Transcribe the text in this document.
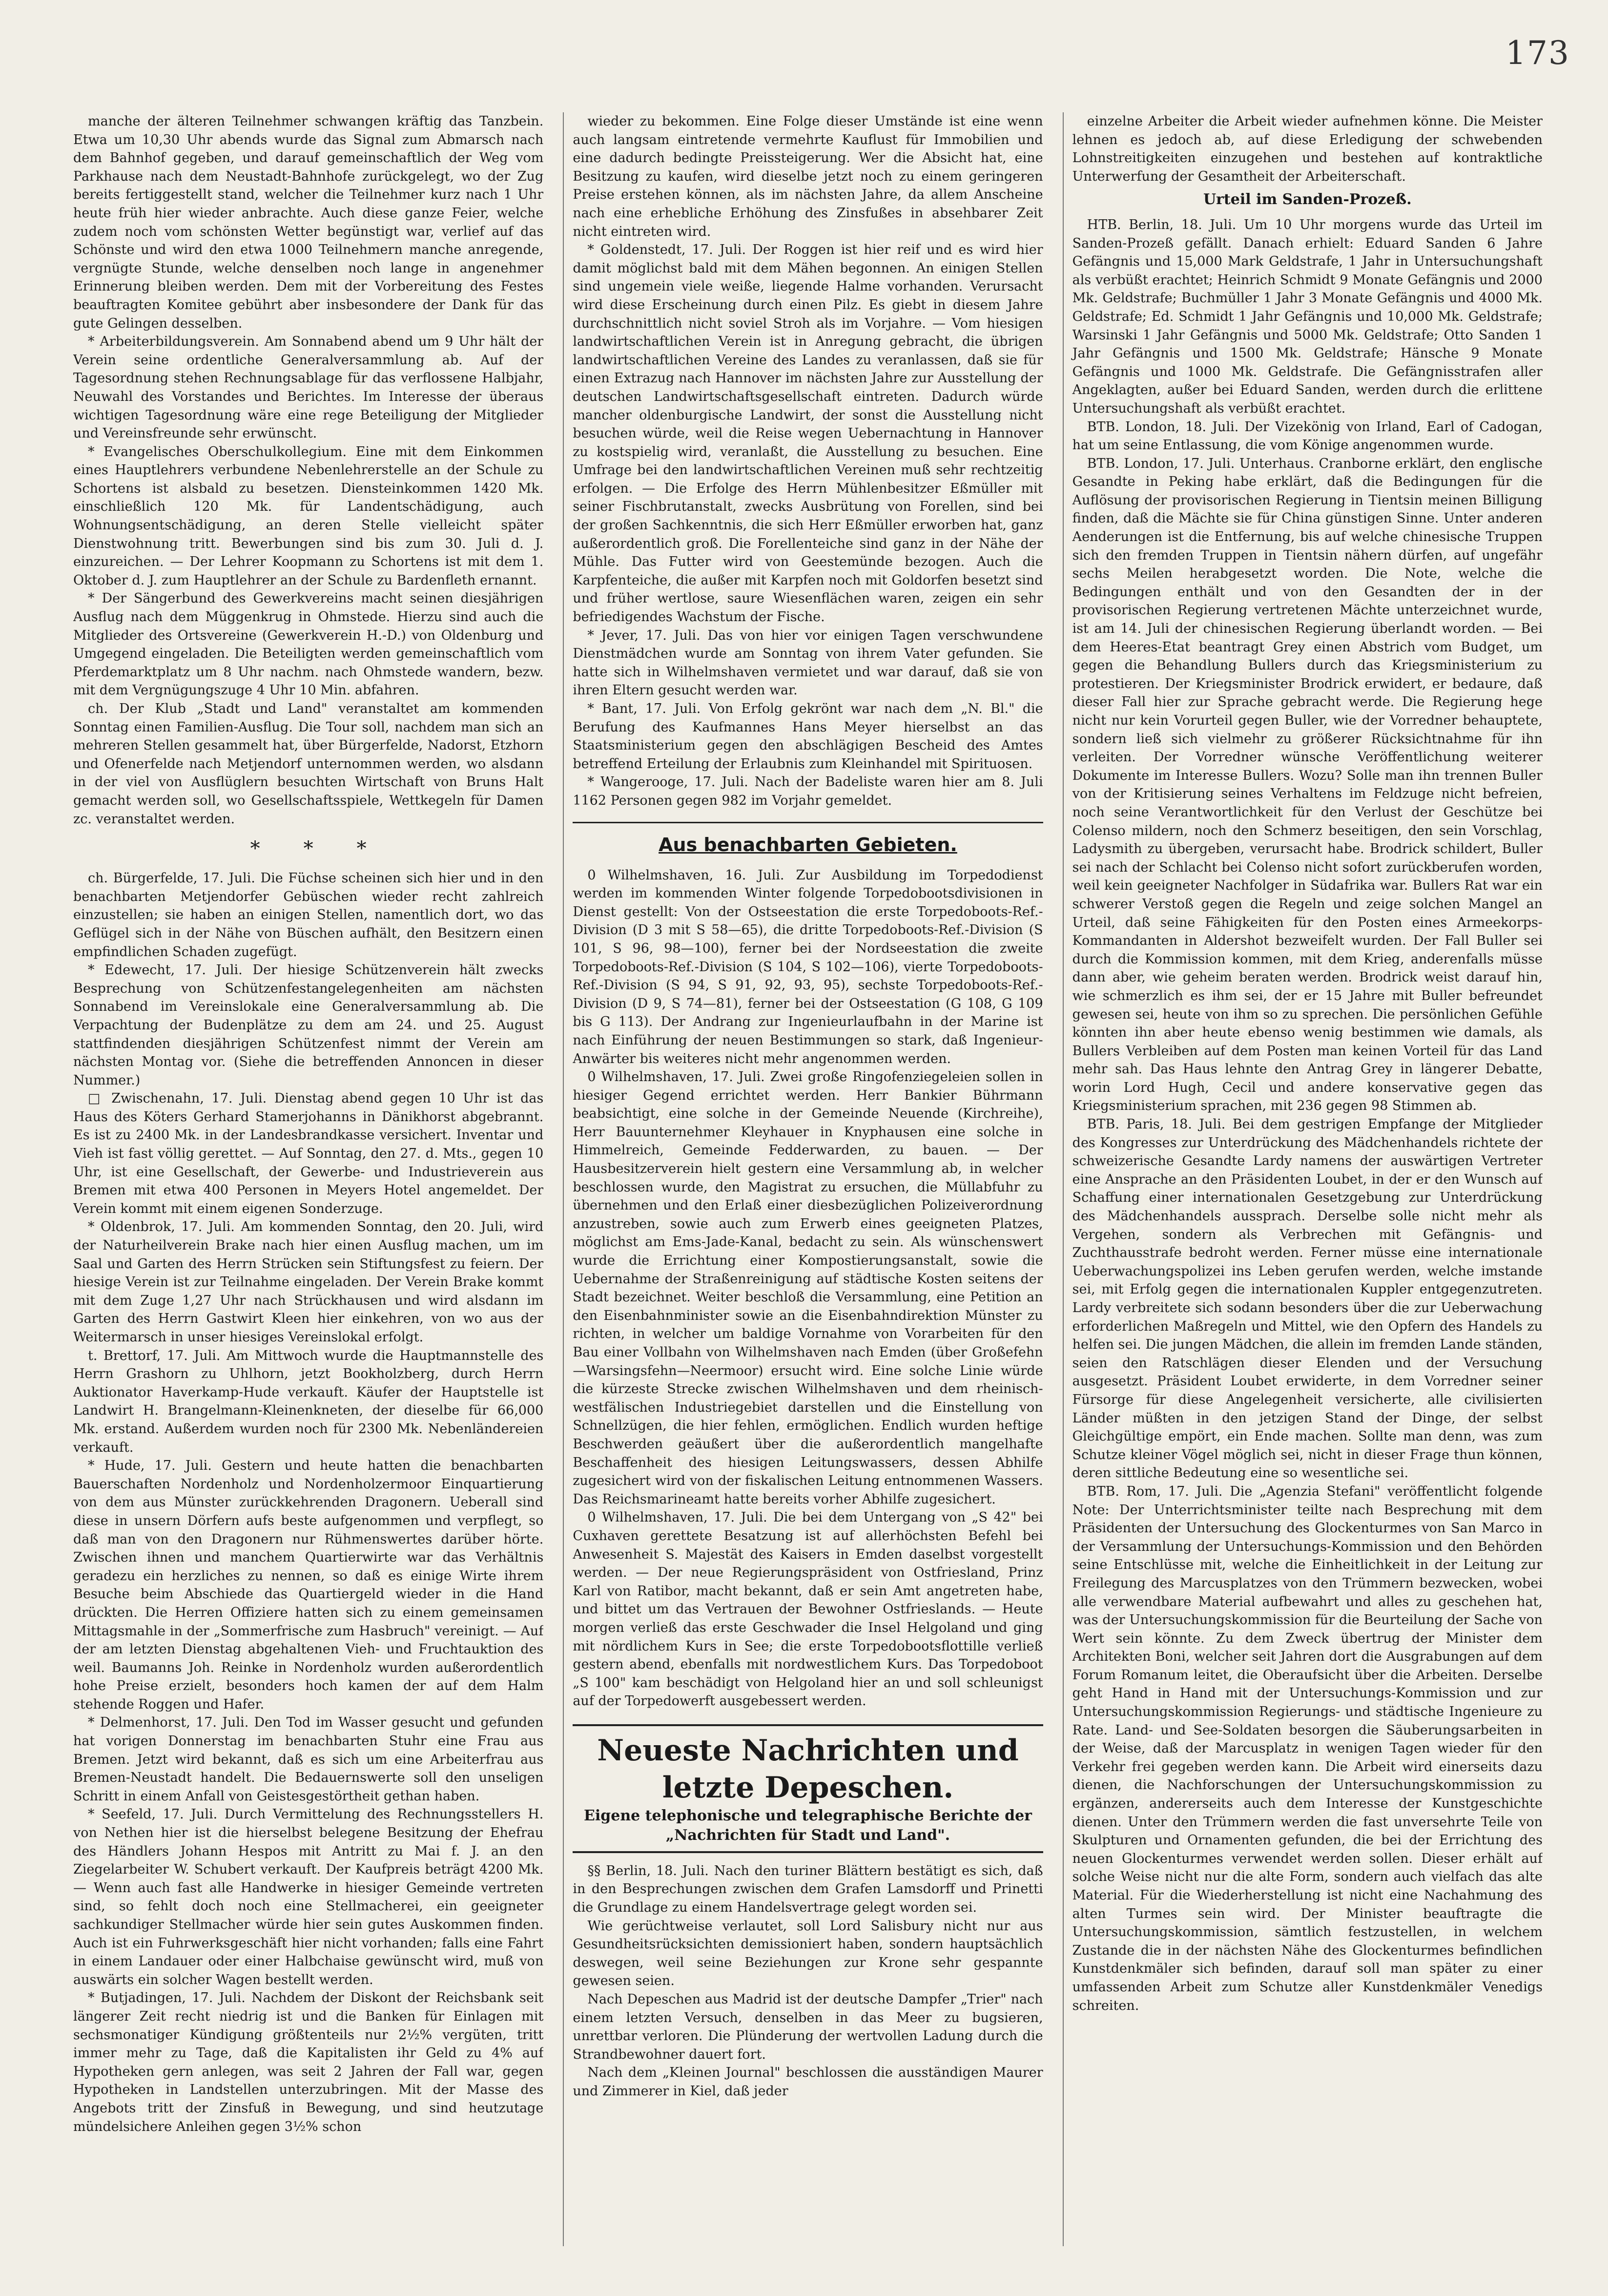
173

manche der älteren Teilnehmer schwangen kräftig das Tanzbein. Etwa um 10,30 Uhr abends wurde das Signal zum Abmarsch nach dem Bahnhof gegeben, und darauf gemeinschaftlich der Weg vom Parkhause nach dem Neustadt-Bahnhofe zurückgelegt, wo der Zug bereits fertiggestellt stand, welcher die Teilnehmer kurz nach 1 Uhr heute früh hier wieder anbrachte. Auch diese ganze Feier, welche zudem noch vom schönsten Wetter begünstigt war, verlief auf das Schönste und wird den etwa 1000 Teilnehmern manche anregende, vergnügte Stunde, welche denselben noch lange in angenehmer Erinnerung bleiben werden. Dem mit der Vorbereitung des Festes beauftragten Komitee gebührt aber insbesondere der Dank für das gute Gelingen desselben.

* Arbeiterbildungsverein. Am Sonnabend abend um 9 Uhr hält der Verein seine ordentliche Generalversammlung ab. Auf der Tagesordnung stehen Rechnungsablage für das verflossene Halbjahr, Neuwahl des Vorstandes und Berichtes. Im Interesse der überaus wichtigen Tagesordnung wäre eine rege Beteiligung der Mitglieder und Vereinsfreunde sehr erwünscht.

* Evangelisches Oberschulkollegium. Eine mit dem Einkommen eines Hauptlehrers verbundene Nebenlehrerstelle an der Schule zu Schortens ist alsbald zu besetzen. Diensteinkommen 1420 Mk. einschließlich 120 Mk. für Landentschädigung, auch Wohnungsentschädigung, an deren Stelle vielleicht später Dienstwohnung tritt. Bewerbungen sind bis zum 30. Juli d. J. einzureichen. — Der Lehrer Koopmann zu Schortens ist mit dem 1. Oktober d. J. zum Hauptlehrer an der Schule zu Bardenfleth ernannt.

* Der Sängerbund des Gewerkvereins macht seinen diesjährigen Ausflug nach dem Müggenkrug in Ohmstede. Hierzu sind auch die Mitglieder des Ortsvereine (Gewerkverein H.-D.) von Oldenburg und Umgegend eingeladen. Die Beteiligten werden gemeinschaftlich vom Pferdemarktplatz um 8 Uhr nachm. nach Ohmstede wandern, bezw. mit dem Vergnügungszuge 4 Uhr 10 Min. abfahren.

ch. Der Klub „Stadt und Land" veranstaltet am kommenden Sonntag einen Familien-Ausflug. Die Tour soll, nachdem man sich an mehreren Stellen gesammelt hat, über Bürgerfelde, Nadorst, Etzhorn und Ofenerfelde nach Metjendorf unternommen werden, wo alsdann in der viel von Ausflüglern besuchten Wirtschaft von Bruns Halt gemacht werden soll, wo Gesellschaftsspiele, Wettkegeln für Damen zc. veranstaltet werden.

*       *       *

ch. Bürgerfelde, 17. Juli. Die Füchse scheinen sich hier und in den benachbarten Metjendorfer Gebüschen wieder recht zahlreich einzustellen; sie haben an einigen Stellen, namentlich dort, wo das Geflügel sich in der Nähe von Büschen aufhält, den Besitzern einen empfindlichen Schaden zugefügt.

* Edewecht, 17. Juli. Der hiesige Schützenverein hält zwecks Besprechung von Schützenfestangelegenheiten am nächsten Sonnabend im Vereinslokale eine Generalversammlung ab. Die Verpachtung der Budenplätze zu dem am 24. und 25. August stattfindenden diesjährigen Schützenfest nimmt der Verein am nächsten Montag vor. (Siehe die betreffenden Annoncen in dieser Nummer.)

□ Zwischenahn, 17. Juli. Dienstag abend gegen 10 Uhr ist das Haus des Köters Gerhard Stamerjohanns in Dänikhorst abgebrannt. Es ist zu 2400 Mk. in der Landesbrandkasse versichert. Inventar und Vieh ist fast völlig gerettet. — Auf Sonntag, den 27. d. Mts., gegen 10 Uhr, ist eine Gesellschaft, der Gewerbe- und Industrieverein aus Bremen mit etwa 400 Personen in Meyers Hotel angemeldet. Der Verein kommt mit einem eigenen Sonderzuge.

* Oldenbrok, 17. Juli. Am kommenden Sonntag, den 20. Juli, wird der Naturheilverein Brake nach hier einen Ausflug machen, um im Saal und Garten des Herrn Strücken sein Stiftungsfest zu feiern. Der hiesige Verein ist zur Teilnahme eingeladen. Der Verein Brake kommt mit dem Zuge 1,27 Uhr nach Strückhausen und wird alsdann im Garten des Herrn Gastwirt Kleen hier einkehren, von wo aus der Weitermarsch in unser hiesiges Vereinslokal erfolgt.

t. Brettorf, 17. Juli. Am Mittwoch wurde die Hauptmannstelle des Herrn Grashorn zu Uhlhorn, jetzt Bookholzberg, durch Herrn Auktionator Haverkamp-Hude verkauft. Käufer der Hauptstelle ist Landwirt H. Brangelmann-Kleinenkneten, der dieselbe für 66,000 Mk. erstand. Außerdem wurden noch für 2300 Mk. Nebenländereien verkauft.

* Hude, 17. Juli. Gestern und heute hatten die benachbarten Bauerschaften Nordenholz und Nordenholzermoor Einquartierung von dem aus Münster zurückkehrenden Dragonern. Ueberall sind diese in unsern Dörfern aufs beste aufgenommen und verpflegt, so daß man von den Dragonern nur Rühmenswertes darüber hörte. Zwischen ihnen und manchem Quartierwirte war das Verhältnis geradezu ein herzliches zu nennen, so daß es einige Wirte ihrem Besuche beim Abschiede das Quartiergeld wieder in die Hand drückten. Die Herren Offiziere hatten sich zu einem gemeinsamen Mittagsmahle in der „Sommerfrische zum Hasbruch" vereinigt. — Auf der am letzten Dienstag abgehaltenen Vieh- und Fruchtauktion des weil. Baumanns Joh. Reinke in Nordenholz wurden außerordentlich hohe Preise erzielt, besonders hoch kamen der auf dem Halm stehende Roggen und Hafer.

* Delmenhorst, 17. Juli. Den Tod im Wasser gesucht und gefunden hat vorigen Donnerstag im benachbarten Stuhr eine Frau aus Bremen. Jetzt wird bekannt, daß es sich um eine Arbeiterfrau aus Bremen-Neustadt handelt. Die Bedauernswerte soll den unseligen Schritt in einem Anfall von Geistesgestörtheit gethan haben.

* Seefeld, 17. Juli. Durch Vermittelung des Rechnungsstellers H. von Nethen hier ist die hierselbst belegene Besitzung der Ehefrau des Händlers Johann Hespos mit Antritt zu Mai f. J. an den Ziegelarbeiter W. Schubert verkauft. Der Kaufpreis beträgt 4200 Mk. — Wenn auch fast alle Handwerke in hiesiger Gemeinde vertreten sind, so fehlt doch noch eine Stellmacherei, ein geeigneter sachkundiger Stellmacher würde hier sein gutes Auskommen finden. Auch ist ein Fuhrwerksgeschäft hier nicht vorhanden; falls eine Fahrt in einem Landauer oder einer Halbchaise gewünscht wird, muß von auswärts ein solcher Wagen bestellt werden.

* Butjadingen, 17. Juli. Nachdem der Diskont der Reichsbank seit längerer Zeit recht niedrig ist und die Banken für Einlagen mit sechsmonatiger Kündigung größtenteils nur 2½% vergüten, tritt immer mehr zu Tage, daß die Kapitalisten ihr Geld zu 4% auf Hypotheken gern anlegen, was seit 2 Jahren der Fall war, gegen Hypotheken in Landstellen unterzubringen. Mit der Masse des Angebots tritt der Zinsfuß in Bewegung, und sind heutzutage mündelsichere Anleihen gegen 3½% schon

wieder zu bekommen. Eine Folge dieser Umstände ist eine wenn auch langsam eintretende vermehrte Kauflust für Immobilien und eine dadurch bedingte Preissteigerung. Wer die Absicht hat, eine Besitzung zu kaufen, wird dieselbe jetzt noch zu einem geringeren Preise erstehen können, als im nächsten Jahre, da allem Anscheine nach eine erhebliche Erhöhung des Zinsfußes in absehbarer Zeit nicht eintreten wird.

* Goldenstedt, 17. Juli. Der Roggen ist hier reif und es wird hier damit möglichst bald mit dem Mähen begonnen. An einigen Stellen sind ungemein viele weiße, liegende Halme vorhanden. Verursacht wird diese Erscheinung durch einen Pilz. Es giebt in diesem Jahre durchschnittlich nicht soviel Stroh als im Vorjahre. — Vom hiesigen landwirtschaftlichen Verein ist in Anregung gebracht, die übrigen landwirtschaftlichen Vereine des Landes zu veranlassen, daß sie für einen Extrazug nach Hannover im nächsten Jahre zur Ausstellung der deutschen Landwirtschaftsgesellschaft eintreten. Dadurch würde mancher oldenburgische Landwirt, der sonst die Ausstellung nicht besuchen würde, weil die Reise wegen Uebernachtung in Hannover zu kostspielig wird, veranlaßt, die Ausstellung zu besuchen. Eine Umfrage bei den landwirtschaftlichen Vereinen muß sehr rechtzeitig erfolgen. — Die Erfolge des Herrn Mühlenbesitzer Eßmüller mit seiner Fischbrutanstalt, zwecks Ausbrütung von Forellen, sind bei der großen Sachkenntnis, die sich Herr Eßmüller erworben hat, ganz außerordentlich groß. Die Forellenteiche sind ganz in der Nähe der Mühle. Das Futter wird von Geestemünde bezogen. Auch die Karpfenteiche, die außer mit Karpfen noch mit Goldorfen besetzt sind und früher wertlose, saure Wiesenflächen waren, zeigen ein sehr befriedigendes Wachstum der Fische.

* Jever, 17. Juli. Das von hier vor einigen Tagen verschwundene Dienstmädchen wurde am Sonntag von ihrem Vater gefunden. Sie hatte sich in Wilhelmshaven vermietet und war darauf, daß sie von ihren Eltern gesucht werden war.

* Bant, 17. Juli. Von Erfolg gekrönt war nach dem „N. Bl." die Berufung des Kaufmannes Hans Meyer hierselbst an das Staatsministerium gegen den abschlägigen Bescheid des Amtes betreffend Erteilung der Erlaubnis zum Kleinhandel mit Spirituosen.

* Wangerooge, 17. Juli. Nach der Badeliste waren hier am 8. Juli 1162 Personen gegen 982 im Vorjahr gemeldet.

Aus benachbarten Gebieten.

0 Wilhelmshaven, 16. Juli. Zur Ausbildung im Torpedodienst werden im kommenden Winter folgende Torpedobootsdivisionen in Dienst gestellt: Von der Ostseestation die erste Torpedoboots-Ref.-Division (D 3 mit S 58—65), die dritte Torpedoboots-Ref.-Division (S 101, S 96, 98—100), ferner bei der Nordseestation die zweite Torpedoboots-Ref.-Division (S 104, S 102—106), vierte Torpedoboots-Ref.-Division (S 94, S 91, 92, 93, 95), sechste Torpedoboots-Ref.-Division (D 9, S 74—81), ferner bei der Ostseestation (G 108, G 109 bis G 113). Der Andrang zur Ingenieurlaufbahn in der Marine ist nach Einführung der neuen Bestimmungen so stark, daß Ingenieur-Anwärter bis weiteres nicht mehr angenommen werden.

0 Wilhelmshaven, 17. Juli. Zwei große Ringofenziegeleien sollen in hiesiger Gegend errichtet werden. Herr Bankier Bührmann beabsichtigt, eine solche in der Gemeinde Neuende (Kirchreihe), Herr Bauunternehmer Kleyhauer in Knyphausen eine solche in Himmelreich, Gemeinde Fedderwarden, zu bauen. — Der Hausbesitzerverein hielt gestern eine Versammlung ab, in welcher beschlossen wurde, den Magistrat zu ersuchen, die Müllabfuhr zu übernehmen und den Erlaß einer diesbezüglichen Polizeiverordnung anzustreben, sowie auch zum Erwerb eines geeigneten Platzes, möglichst am Ems-Jade-Kanal, bedacht zu sein. Als wünschenswert wurde die Errichtung einer Kompostierungsanstalt, sowie die Uebernahme der Straßenreinigung auf städtische Kosten seitens der Stadt bezeichnet. Weiter beschloß die Versammlung, eine Petition an den Eisenbahnminister sowie an die Eisenbahndirektion Münster zu richten, in welcher um baldige Vornahme von Vorarbeiten für den Bau einer Vollbahn von Wilhelmshaven nach Emden (über Großefehn—Warsingsfehn—Neermoor) ersucht wird. Eine solche Linie würde die kürzeste Strecke zwischen Wilhelmshaven und dem rheinisch-westfälischen Industriegebiet darstellen und die Einstellung von Schnellzügen, die hier fehlen, ermöglichen. Endlich wurden heftige Beschwerden geäußert über die außerordentlich mangelhafte Beschaffenheit des hiesigen Leitungswassers, dessen Abhilfe zugesichert wird von der fiskalischen Leitung entnommenen Wassers. Das Reichsmarineamt hatte bereits vorher Abhilfe zugesichert.

0 Wilhelmshaven, 17. Juli. Die bei dem Untergang von „S 42" bei Cuxhaven gerettete Besatzung ist auf allerhöchsten Befehl bei Anwesenheit S. Majestät des Kaisers in Emden daselbst vorgestellt werden. — Der neue Regierungspräsident von Ostfriesland, Prinz Karl von Ratibor, macht bekannt, daß er sein Amt angetreten habe, und bittet um das Vertrauen der Bewohner Ostfrieslands. — Heute morgen verließ das erste Geschwader die Insel Helgoland und ging mit nördlichem Kurs in See; die erste Torpedobootsflottille verließ gestern abend, ebenfalls mit nordwestlichem Kurs. Das Torpedoboot „S 100" kam beschädigt von Helgoland hier an und soll schleunigst auf der Torpedowerft ausgebessert werden.

Neueste Nachrichten und letzte Depeschen.
Eigene telephonische und telegraphische Berichte der „Nachrichten für Stadt und Land".

§§ Berlin, 18. Juli. Nach den turiner Blättern bestätigt es sich, daß in den Besprechungen zwischen dem Grafen Lamsdorff und Prinetti die Grundlage zu einem Handelsvertrage gelegt worden sei.

Wie gerüchtweise verlautet, soll Lord Salisbury nicht nur aus Gesundheitsrücksichten demissioniert haben, sondern hauptsächlich deswegen, weil seine Beziehungen zur Krone sehr gespannte gewesen seien.

Nach Depeschen aus Madrid ist der deutsche Dampfer „Trier" nach einem letzten Versuch, denselben in das Meer zu bugsieren, unrettbar verloren. Die Plünderung der wertvollen Ladung durch die Strandbewohner dauert fort.

Nach dem „Kleinen Journal" beschlossen die ausständigen Maurer und Zimmerer in Kiel, daß jeder

einzelne Arbeiter die Arbeit wieder aufnehmen könne. Die Meister lehnen es jedoch ab, auf diese Erledigung der schwebenden Lohnstreitigkeiten einzugehen und bestehen auf kontraktliche Unterwerfung der Gesamtheit der Arbeiterschaft.

Urteil im Sanden-Prozeß.

HTB. Berlin, 18. Juli. Um 10 Uhr morgens wurde das Urteil im Sanden-Prozeß gefällt. Danach erhielt: Eduard Sanden 6 Jahre Gefängnis und 15,000 Mark Geldstrafe, 1 Jahr in Untersuchungshaft als verbüßt erachtet; Heinrich Schmidt 9 Monate Gefängnis und 2000 Mk. Geldstrafe; Buchmüller 1 Jahr 3 Monate Gefängnis und 4000 Mk. Geldstrafe; Ed. Schmidt 1 Jahr Gefängnis und 10,000 Mk. Geldstrafe; Warsinski 1 Jahr Gefängnis und 5000 Mk. Geldstrafe; Otto Sanden 1 Jahr Gefängnis und 1500 Mk. Geldstrafe; Hänsche 9 Monate Gefängnis und 1000 Mk. Geldstrafe. Die Gefängnisstrafen aller Angeklagten, außer bei Eduard Sanden, werden durch die erlittene Untersuchungshaft als verbüßt erachtet.

BTB. London, 18. Juli. Der Vizekönig von Irland, Earl of Cadogan, hat um seine Entlassung, die vom Könige angenommen wurde.

BTB. London, 17. Juli. Unterhaus. Cranborne erklärt, den englische Gesandte in Peking habe erklärt, daß die Bedingungen für die Auflösung der provisorischen Regierung in Tientsin meinen Billigung finden, daß die Mächte sie für China günstigen Sinne. Unter anderen Aenderungen ist die Entfernung, bis auf welche chinesische Truppen sich den fremden Truppen in Tientsin nähern dürfen, auf ungefähr sechs Meilen herabgesetzt worden. Die Note, welche die Bedingungen enthält und von den Gesandten der in der provisorischen Regierung vertretenen Mächte unterzeichnet wurde, ist am 14. Juli der chinesischen Regierung überlandt worden. — Bei dem Heeres-Etat beantragt Grey einen Abstrich vom Budget, um gegen die Behandlung Bullers durch das Kriegsministerium zu protestieren. Der Kriegsminister Brodrick erwidert, er bedaure, daß dieser Fall hier zur Sprache gebracht werde. Die Regierung hege nicht nur kein Vorurteil gegen Buller, wie der Vorredner behauptete, sondern ließ sich vielmehr zu größerer Rücksichtnahme für ihn verleiten. Der Vorredner wünsche Veröffentlichung weiterer Dokumente im Interesse Bullers. Wozu? Solle man ihn trennen Buller von der Kritisierung seines Verhaltens im Feldzuge nicht befreien, noch seine Verantwortlichkeit für den Verlust der Geschütze bei Colenso mildern, noch den Schmerz beseitigen, den sein Vorschlag, Ladysmith zu übergeben, verursacht habe. Brodrick schildert, Buller sei nach der Schlacht bei Colenso nicht sofort zurückberufen worden, weil kein geeigneter Nachfolger in Südafrika war. Bullers Rat war ein schwerer Verstoß gegen die Regeln und zeige solchen Mangel an Urteil, daß seine Fähigkeiten für den Posten eines Armeekorps-Kommandanten in Aldershot bezweifelt wurden. Der Fall Buller sei durch die Kommission kommen, mit dem Krieg, anderenfalls müsse dann aber, wie geheim beraten werden. Brodrick weist darauf hin, wie schmerzlich es ihm sei, der er 15 Jahre mit Buller befreundet gewesen sei, heute von ihm so zu sprechen. Die persönlichen Gefühle könnten ihn aber heute ebenso wenig bestimmen wie damals, als Bullers Verbleiben auf dem Posten man keinen Vorteil für das Land mehr sah. Das Haus lehnte den Antrag Grey in längerer Debatte, worin Lord Hugh, Cecil und andere konservative gegen das Kriegsministerium sprachen, mit 236 gegen 98 Stimmen ab.

BTB. Paris, 18. Juli. Bei dem gestrigen Empfange der Mitglieder des Kongresses zur Unterdrückung des Mädchenhandels richtete der schweizerische Gesandte Lardy namens der auswärtigen Vertreter eine Ansprache an den Präsidenten Loubet, in der er den Wunsch auf Schaffung einer internationalen Gesetzgebung zur Unterdrückung des Mädchenhandels aussprach. Derselbe solle nicht mehr als Vergehen, sondern als Verbrechen mit Gefängnis- und Zuchthausstrafe bedroht werden. Ferner müsse eine internationale Ueberwachungspolizei ins Leben gerufen werden, welche imstande sei, mit Erfolg gegen die internationalen Kuppler entgegenzutreten. Lardy verbreitete sich sodann besonders über die zur Ueberwachung erforderlichen Maßregeln und Mittel, wie den Opfern des Handels zu helfen sei. Die jungen Mädchen, die allein im fremden Lande ständen, seien den Ratschlägen dieser Elenden und der Versuchung ausgesetzt. Präsident Loubet erwiderte, in dem Vorredner seiner Fürsorge für diese Angelegenheit versicherte, alle civilisierten Länder müßten in den jetzigen Stand der Dinge, der selbst Gleichgültige empört, ein Ende machen. Sollte man denn, was zum Schutze kleiner Vögel möglich sei, nicht in dieser Frage thun können, deren sittliche Bedeutung eine so wesentliche sei.

BTB. Rom, 17. Juli. Die „Agenzia Stefani" veröffentlicht folgende Note: Der Unterrichtsminister teilte nach Besprechung mit dem Präsidenten der Untersuchung des Glockenturmes von San Marco in der Versammlung der Untersuchungs-Kommission und den Behörden seine Entschlüsse mit, welche die Einheitlichkeit in der Leitung zur Freilegung des Marcusplatzes von den Trümmern bezwecken, wobei alle verwendbare Material aufbewahrt und alles zu geschehen hat, was der Untersuchungskommission für die Beurteilung der Sache von Wert sein könnte. Zu dem Zweck übertrug der Minister dem Architekten Boni, welcher seit Jahren dort die Ausgrabungen auf dem Forum Romanum leitet, die Oberaufsicht über die Arbeiten. Derselbe geht Hand in Hand mit der Untersuchungs-Kommission und zur Untersuchungskommission Regierungs- und städtische Ingenieure zu Rate. Land- und See-Soldaten besorgen die Säuberungsarbeiten in der Weise, daß der Marcusplatz in wenigen Tagen wieder für den Verkehr frei gegeben werden kann. Die Arbeit wird einerseits dazu dienen, die Nachforschungen der Untersuchungskommission zu ergänzen, andererseits auch dem Interesse der Kunstgeschichte dienen. Unter den Trümmern werden die fast unversehrte Teile von Skulpturen und Ornamenten gefunden, die bei der Errichtung des neuen Glockenturmes verwendet werden sollen. Dieser erhält auf solche Weise nicht nur die alte Form, sondern auch vielfach das alte Material. Für die Wiederherstellung ist nicht eine Nachahmung des alten Turmes sein wird. Der Minister beauftragte die Untersuchungskommission, sämtlich festzustellen, in welchem Zustande die in der nächsten Nähe des Glockenturmes befindlichen Kunstdenkmäler sich befinden, darauf soll man später zu einer umfassenden Arbeit zum Schutze aller Kunstdenkmäler Venedigs schreiten.
